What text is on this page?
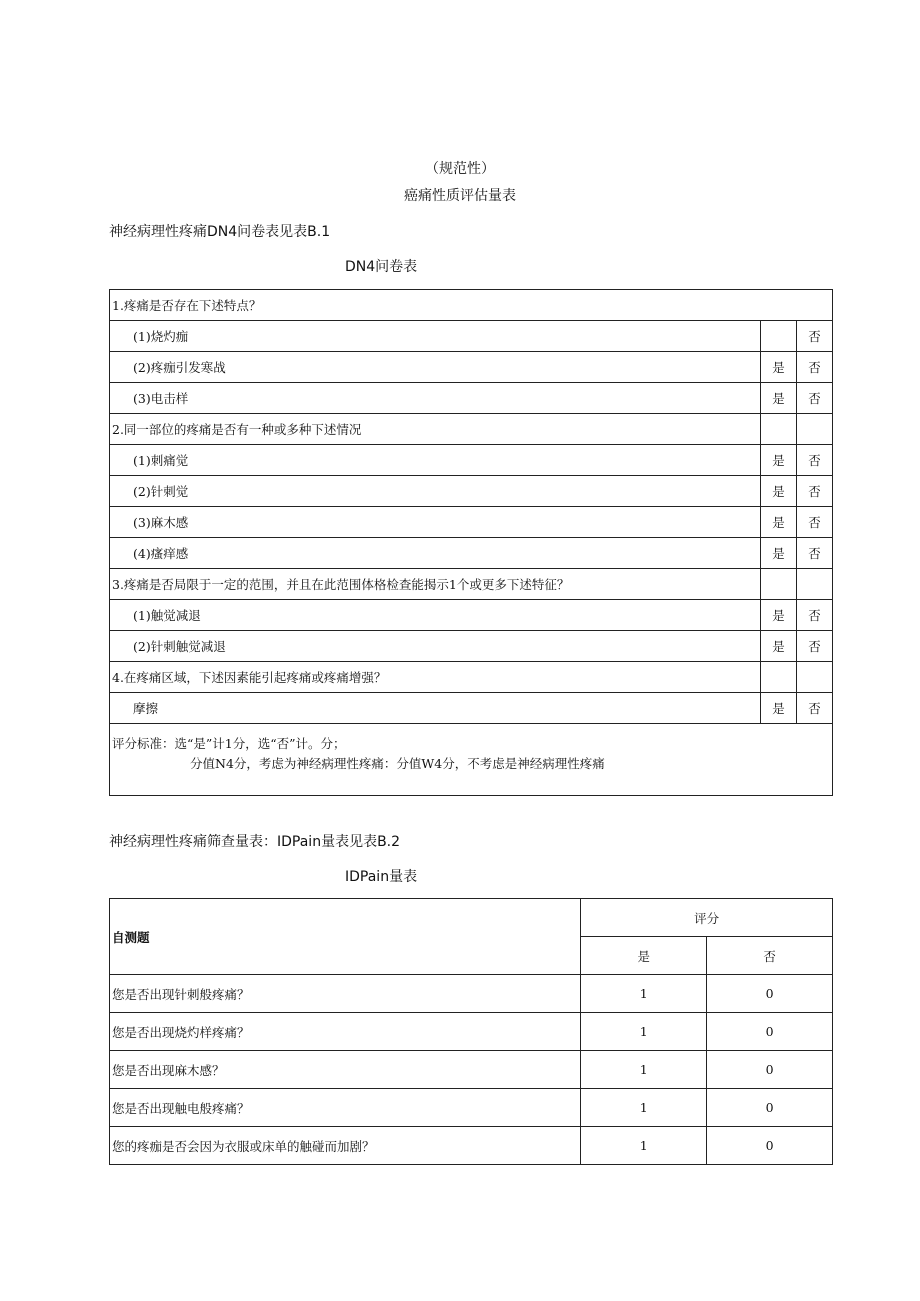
（规范性）
癌痛性质评估量表
神经病理性疼痛DN4问卷表见表B.1
DN4问卷表
1.疼痛是否存在下述特点？		
(1)烧灼痂		否
(2)疼痂引发寒战	是	否
(3)电击样	是	否
2.同一部位的疼痛是否有一种或多种下述情况		
(1)刺痛觉	是	否
(2)针刺觉	是	否
(3)麻木感	是	否
(4)瘙痒感	是	否
3.疼痛是否局限于一定的范围，并且在此范围体格检查能揭示1个或更多下述特征？		
(1)触觉减退	是	否
(2)针刺触觉减退	是	否
4.在疼痛区域，下述因素能引起疼痛或疼痛增强？		
摩擦	是	否

评分标准：选“是”计1分，选“否”计。分；
分值N4分，考虑为神经病理性疼痛：分值W4分，不考虑是神经病理性疼痛		
神经病理性疼痛筛查量表：IDPain量表见表B.2
IDPain量表
自测题	评分	
	是	否
您是否出现针刺般疼痛？	1	0
您是否出现烧灼样疼痛？	1	0
您是否出现麻木感？	1	0
您是否出现触电般疼痛？	1	0
您的疼痂是否会因为衣服或床单的触碰而加剧？	1	0
